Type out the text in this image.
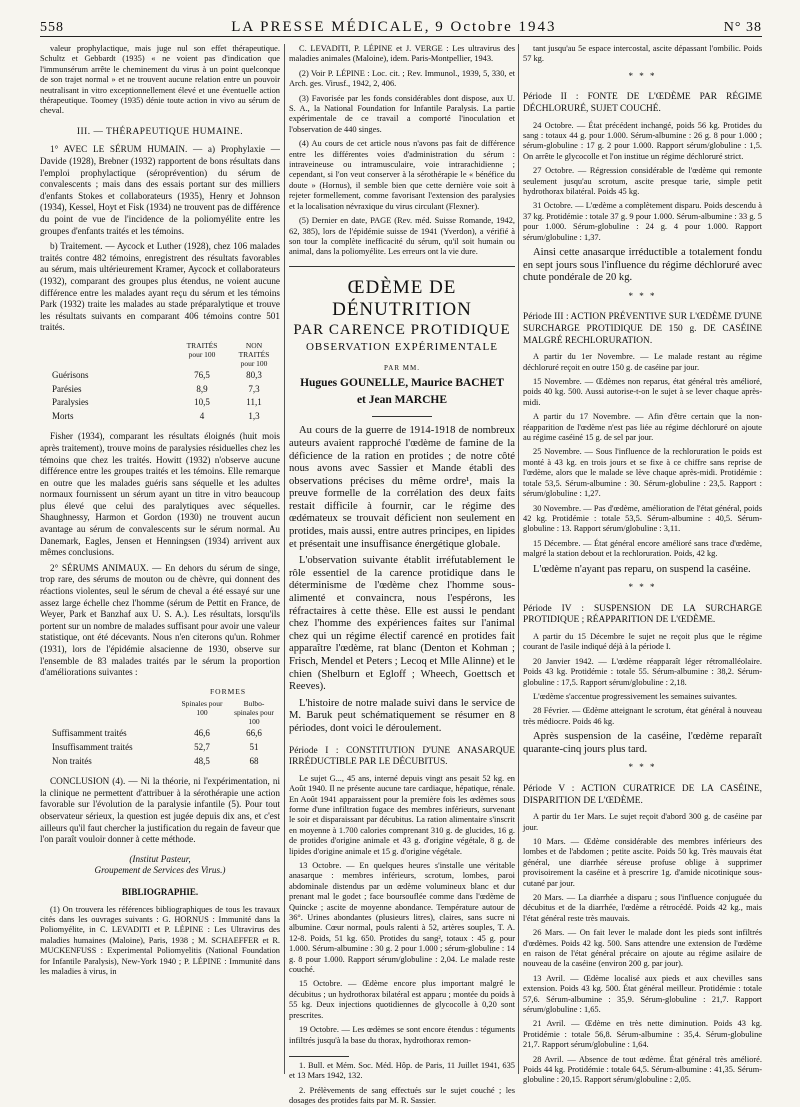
558	LA PRESSE MÉDICALE, 9 Octobre 1943	N° 38

valeur prophylactique, mais juge nul son effet thérapeutique. Schultz et Gebbardt (1935) « ne voient pas d'indication que l'immunsérum arrête le cheminement du virus à un point quelconque de son trajet normal » et ne trouvent aucune relation entre un pouvoir neutralisant in vitro exceptionnellement élevé et une éventuelle action thérapeutique. Toomey (1935) dénie toute action in vivo au sérum de cheval.

III. — THÉRAPEUTIQUE HUMAINE.

1° AVEC LE SÉRUM HUMAIN. — a) Prophylaxie — Davide (1928), Brebner (1932) rapportent de bons résultats dans l'emploi prophylactique (séroprévention) du sérum de convalescents ; mais dans des essais portant sur des milliers d'enfants Stokes et collaborateurs (1935), Henry et Johnson (1934), Kessel, Hoyt et Fisk (1934) ne trouvent pas de différence du point de vue de l'incidence de la poliomyélite entre les groupes d'enfants traités et les témoins.

b) Traitement. — Aycock et Luther (1928), chez 106 malades traités contre 482 témoins, enregistrent des résultats favorables au sérum, mais ultérieurement Kramer, Aycock et collaborateurs (1932), comparant des groupes plus étendus, ne voient aucune différence entre les malades ayant reçu du sérum et les témoins Park (1932) traite les malades au stade préparalytique et trouve les résultats suivants en comparant 406 témoins contre 501 traités.

	TRAITÉS pour 100	NON TRAITÉS pour 100
Guérisons	76,5	80,3
Parésies	8,9	7,3
Paralysies	10,5	11,1
Morts	4	1,3

Fisher (1934), comparant les résultats éloignés (huit mois après traitement), trouve moins de paralysies résiduelles chez les témoins que chez les traités. Howitt (1932) n'observe aucune différence entre les groupes traités et les témoins. Elle remarque en outre que les malades guéris sans séquelle et les adultes normaux fournissent un sérum ayant un titre in vitro beaucoup plus élevé que celui des paralytiques avec séquelles. Shaughnessy, Harmon et Gordon (1930) ne trouvent aucun avantage au sérum de convalescents sur le sérum normal. Au Danemark, Eagles, Jensen et Henningsen (1934) arrivent aux mêmes conclusions.

2° SÉRUMS ANIMAUX. — En dehors du sérum de singe, trop rare, des sérums de mouton ou de chèvre, qui donnent des réactions violentes, seul le sérum de cheval a été essayé sur une assez large échelle chez l'homme (sérum de Pettit en France, de Weyer, Park et Banzhaf aux U. S. A.). Les résultats, lorsqu'ils portent sur un nombre de malades suffisant pour avoir une valeur statistique, ont été décevants. Nous n'en citerons qu'un. Rohmer (1931), lors de l'épidémie alsacienne de 1930, observe sur l'ensemble de 83 malades traités par le sérum la proportion d'améliorations suivantes :

	FORMES	
	Spinales pour 100	Bulbo-spinales pour 100
Suffisamment traités	46,6	66,6
Insuffisamment traités	52,7	51
Non traités	48,5	68

CONCLUSION (4). — Ni la théorie, ni l'expérimentation, ni la clinique ne permettent d'attribuer à la sérothérapie une action favorable sur l'évolution de la paralysie infantile (5). Pour tout observateur sérieux, la question est jugée depuis dix ans, et c'est ailleurs qu'il faut chercher la justification du regain de faveur que l'on paraît vouloir donner à cette méthode.

(Institut Pasteur,
Groupement de Services des Virus.)
BIBLIOGRAPHIE.

(1) On trouvera les références bibliographiques de tous les travaux cités dans les ouvrages suivants : G. HORNUS : Immunité dans la Poliomyélite, in C. LEVADITI et P. LÉPINE : Les Ultravirus des maladies humaines (Maloine), Paris, 1938 ; M. SCHAEFFER et R. MUCKENFUSS : Experimental Poliomyelitis (National Foundation for Infantile Paralysis), New-York 1940 ; P. LÉPINE : Immunité dans les maladies à virus, in

C. LEVADITI, P. LÉPINE et J. VERGE : Les ultravirus des maladies animales (Maloine), idem. Paris-Montpellier, 1943.

(2) Voir P. LÉPINE : Loc. cit. ; Rev. Immunol., 1939, 5, 330, et Arch. ges. Virusf., 1942, 2, 406.

(3) Favorisée par les fonds considérables dont dispose, aux U. S. A., la National Foundation for Infantile Paralysis. La partie expérimentale de ce travail a comporté l'inoculation et l'observation de 440 singes.

(4) Au cours de cet article nous n'avons pas fait de différence entre les différentes voies d'administration du sérum : intraveineuse ou intramusculaire, voie intrarachidienne ; cependant, si l'on veut conserver à la sérothérapie le « bénéfice du doute » (Hornus), il semble bien que cette dernière voie soit à rejeter formellement, comme favorisant l'extension des paralysies et la localisation névraxique du virus circulant (Flexner).

(5) Dernier en date, PAGE (Rev. méd. Suisse Romande, 1942, 62, 385), lors de l'épidémie suisse de 1941 (Yverdon), a vérifié à son tour la complète inefficacité du sérum, qu'il soit humain ou animal, dans la poliomyélite. Les erreurs ont la vie dure.

ŒDÈME DE DÉNUTRITION
PAR CARENCE PROTIDIQUE
OBSERVATION EXPÉRIMENTALE
PAR MM.
Hugues GOUNELLE, Maurice BACHET
et Jean MARCHE

Au cours de la guerre de 1914-1918 de nombreux auteurs avaient rapproché l'œdème de famine de la déficience de la ration en protides ; de notre côté nous avons avec Sassier et Mande établi des observations précises du même ordre¹, mais la preuve formelle de la corrélation des deux faits restait difficile à fournir, car le régime des œdémateux se trouvait déficient non seulement en protides, mais aussi, entre autres principes, en lipides et présentait une insuffisance énergétique globale.

L'observation suivante établit irréfutablement le rôle essentiel de la carence protidique dans le déterminisme de l'œdème chez l'homme sous-alimenté et convaincra, nous l'espérons, les réfractaires à cette thèse. Elle est aussi le pendant chez l'homme des expériences faites sur l'animal chez qui un régime électif carencé en protides fait apparaître l'œdème, rat blanc (Denton et Kohman ; Frisch, Mendel et Peters ; Lecoq et Mlle Alinne) et le chien (Shelburn et Egloff ; Wheech, Goettsch et Reeves).

L'histoire de notre malade suivi dans le service de M. Baruk peut schématiquement se résumer en 8 périodes, dont voici le déroulement.

Période I : CONSTITUTION D'UNE ANASARQUE IRRÉDUCTIBLE PAR LE DÉCUBITUS.

Le sujet G..., 45 ans, interné depuis vingt ans pesait 52 kg. en Août 1940. Il ne présente aucune tare cardiaque, hépatique, rénale. En Août 1941 apparaissent pour la première fois les œdèmes sous forme d'une infiltration fugace des membres inférieurs, survenant le soir et disparaissant par décubitus. La ration alimentaire s'inscrit en moyenne à 1.700 calories comprenant 310 g. de glucides, 16 g. de protides d'origine animale et 43 g. d'origine végétale, 8 g. de lipides d'origine animale et 15 g. d'origine végétale.

13 Octobre. — En quelques heures s'installe une véritable anasarque : membres inférieurs, scrotum, lombes, paroi abdominale distendus par un œdème volumineux blanc et dur prenant mal le godet ; face boursouflée comme dans l'œdème de Quincke ; ascite de moyenne abondance. Température autour de 36°. Urines abondantes (plusieurs litres), claires, sans sucre ni albumine. Cœur normal, pouls ralenti à 52, artères souples, T. A. 12-8. Poids, 51 kg. 650. Protides du sang², totaux : 45 g. pour 1.000. Sérum-albumine : 30 g. 2 pour 1.000 ; sérum-globuline : 14 g. 8 pour 1.000. Rapport sérum/globuline : 2,04. Le malade reste couché.

15 Octobre. — Œdème encore plus important malgré le décubitus ; un hydrothorax bilatéral est apparu ; montée du poids à 55 kg. Deux injections quotidiennes de glycocolle à 0,20 sont prescrites.

19 Octobre. — Les œdèmes se sont encore étendus : téguments infiltrés jusqu'à la base du thorax, hydrothorax remon-

1. Bull. et Mém. Soc. Méd. Hôp. de Paris, 11 Juillet 1941, 635 et 13 Mars 1942, 132.

2. Prélèvements de sang effectués sur le sujet couché ; les dosages des protides faits par M. R. Sassier.

tant jusqu'au 5e espace intercostal, ascite dépassant l'ombilic. Poids 57 kg.

* * *
Période II : FONTE DE L'ŒDÈME PAR RÉGIME DÉCHLORURÉ, SUJET COUCHÉ.

24 Octobre. — État précédent inchangé, poids 56 kg. Protides du sang : totaux 44 g. pour 1.000. Sérum-albumine : 26 g. 8 pour 1.000 ; sérum-globuline : 17 g. 2 pour 1.000. Rapport sérum/globuline : 1,5. On arrête le glycocolle et l'on institue un régime déchloruré strict.

27 Octobre. — Régression considérable de l'œdème qui remonte seulement jusqu'au scrotum, ascite presque tarie, simple petit hydrothorax bilatéral. Poids 45 kg.

31 Octobre. — L'œdème a complètement disparu. Poids descendu à 37 kg. Protidémie : totale 37 g. 9 pour 1.000. Sérum-albumine : 33 g. 5 pour 1.000. Sérum-globuline : 24 g. 4 pour 1.000. Rapport sérum/globuline : 1,37.

Ainsi cette anasarque irréductible a totalement fondu en sept jours sous l'influence du régime déchloruré avec chute pondérale de 20 kg.

* * *
Période III : ACTION PRÉVENTIVE SUR L'ŒDÈME D'UNE SURCHARGE PROTIDIQUE DE 150 g. DE CASÉINE MALGRÉ RECHLORURATION.

A partir du 1er Novembre. — Le malade restant au régime déchloruré reçoit en outre 150 g. de caséine par jour.

15 Novembre. — Œdèmes non reparus, état général très amélioré, poids 40 kg. 500. Aussi autorise-t-on le sujet à se lever chaque après-midi.

A partir du 17 Novembre. — Afin d'être certain que la non-réapparition de l'œdème n'est pas liée au régime déchloruré on ajoute au régime caséiné 15 g. de sel par jour.

25 Novembre. — Sous l'influence de la rechloruration le poids est monté à 43 kg. en trois jours et se fixe à ce chiffre sans reprise de l'œdème, alors que le malade se lève chaque après-midi. Protidémie : totale 53,5. Sérum-albumine : 30. Sérum-globuline : 23,5. Rapport : sérum/globuline : 1,27.

30 Novembre. — Pas d'œdème, amélioration de l'état général, poids 42 kg. Protidémie : totale 53,5. Sérum-albumine : 40,5. Sérum-globuline : 13. Rapport sérum/globuline : 3,11.

15 Décembre. — État général encore amélioré sans trace d'œdème, malgré la station debout et la rechloruration. Poids, 42 kg.

L'œdème n'ayant pas reparu, on suspend la caséine.

* * *
Période IV : SUSPENSION DE LA SURCHARGE PROTIDIQUE ; RÉAPPARITION DE L'ŒDÈME.

A partir du 15 Décembre le sujet ne reçoit plus que le régime courant de l'asile indiqué déjà à la période I.

20 Janvier 1942. — L'œdème réapparaît léger rétromalléolaire. Poids 43 kg. Protidémie : totale 55. Sérum-albumine : 38,2. Sérum-globuline : 17,5. Rapport sérum/globuline : 2,18.

L'œdème s'accentue progressivement les semaines suivantes.

28 Février. — Œdème atteignant le scrotum, état général à nouveau très médiocre. Poids 46 kg.

Après suspension de la caséine, l'œdème reparaît quarante-cinq jours plus tard.

* * *
Période V : ACTION CURATRICE DE LA CASÉINE, DISPARITION DE L'ŒDÈME.

A partir du 1er Mars. Le sujet reçoit d'abord 300 g. de caséine par jour.

10 Mars. — Œdème considérable des membres inférieurs des lombes et de l'abdomen ; petite ascite. Poids 50 kg. Très mauvais état général, une diarrhée séreuse profuse oblige à supprimer provisoirement la caséine et à prescrire 1g. d'amide nicotinique sous-cutané par jour.

20 Mars. — La diarrhée a disparu ; sous l'influence conjuguée du décubitus et de la diarrhée, l'œdème a rétrocédé. Poids 42 kg., mais l'état général reste très mauvais.

26 Mars. — On fait lever le malade dont les pieds sont infiltrés d'œdèmes. Poids 42 kg. 500. Sans attendre une extension de l'œdème en raison de l'état général précaire on ajoute au régime asilaire de nouveau de la caséine (environ 200 g. par jour).

13 Avril. — Œdème localisé aux pieds et aux chevilles sans extension. Poids 43 kg. 500. État général meilleur. Protidémie : totale 57,6. Sérum-albumine : 35,9. Sérum-globuline : 21,7. Rapport sérum/globuline : 1,65.

21 Avril. — Œdème en très nette diminution. Poids 43 kg. Protidémie : totale 56,8. Sérum-albumine : 35,4. Sérum-globuline 21,7. Rapport sérum/globuline : 1,64.

28 Avril. — Absence de tout œdème. État général très amélioré. Poids 44 kg. Protidémie : totale 64,5. Sérum-albumine : 41,35. Sérum-globuline : 20,15. Rapport sérum/globuline : 2,05.
